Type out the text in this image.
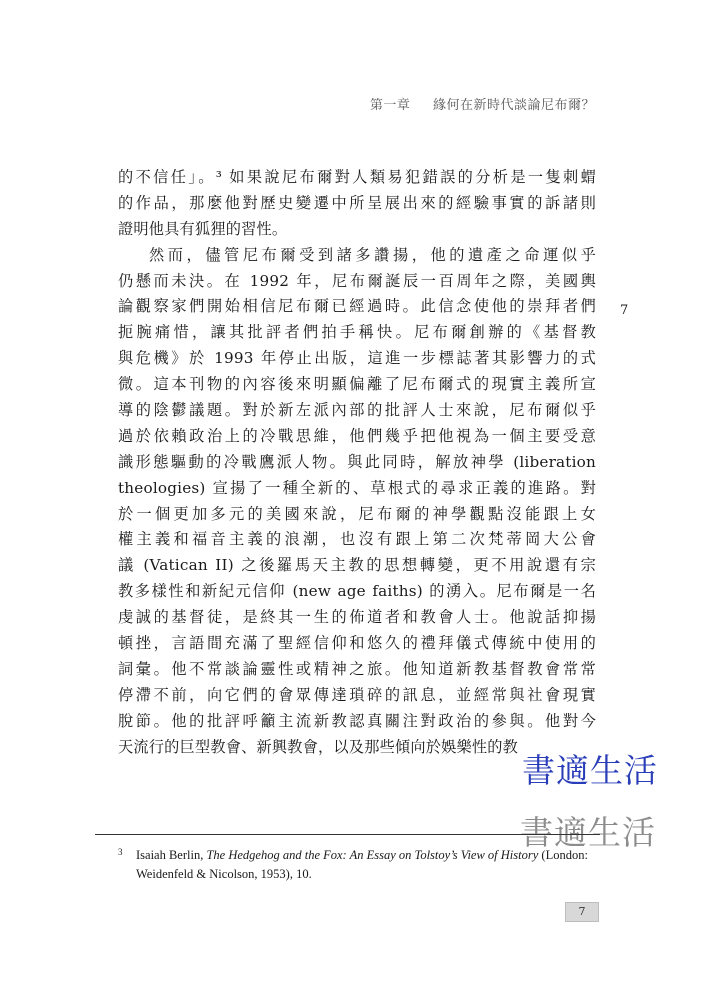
第一章 緣何在新時代談論尼布爾？
的不信任」。³ 如果說尼布爾對人類易犯錯誤的分析是一隻刺蝟
的作品，那麼他對歷史變遷中所呈展出來的經驗事實的訴諸則
證明他具有狐狸的習性。
然而，儘管尼布爾受到諸多讚揚，他的遺產之命運似乎
仍懸而未決。在 1992 年，尼布爾誕辰一百周年之際，美國輿
論觀察家們開始相信尼布爾已經過時。此信念使他的崇拜者們
扼腕痛惜，讓其批評者們拍手稱快。尼布爾創辦的《基督教
與危機》於 1993 年停止出版，這進一步標誌著其影響力的式
微。這本刊物的內容後來明顯偏離了尼布爾式的現實主義所宣
導的陰鬱議題。對於新左派內部的批評人士來說，尼布爾似乎
過於依賴政治上的冷戰思維，他們幾乎把他視為一個主要受意
識形態驅動的冷戰鷹派人物。與此同時，解放神學 (liberation
theologies) 宣揚了一種全新的、草根式的尋求正義的進路。對
於一個更加多元的美國來說，尼布爾的神學觀點沒能跟上女
權主義和福音主義的浪潮，也沒有跟上第二次梵蒂岡大公會
議 (Vatican II) 之後羅馬天主教的思想轉變，更不用說還有宗
教多樣性和新紀元信仰 (new age faiths) 的湧入。尼布爾是一名
虔誠的基督徒，是終其一生的佈道者和教會人士。他說話抑揚
頓挫，言語間充滿了聖經信仰和悠久的禮拜儀式傳統中使用的
詞彙。他不常談論靈性或精神之旅。他知道新教基督教會常常
停滯不前，向它們的會眾傳達瑣碎的訊息，並經常與社會現實
脫節。他的批評呼籲主流新教認真關注對政治的參與。他對今
天流行的巨型教會、新興教會，以及那些傾向於娛樂性的教
7
書適生活
書適生活
3	Isaiah Berlin, The Hedgehog and the Fox: An Essay on Tolstoy’s View of History (London:
Weidenfeld & Nicolson, 1953), 10.
7
